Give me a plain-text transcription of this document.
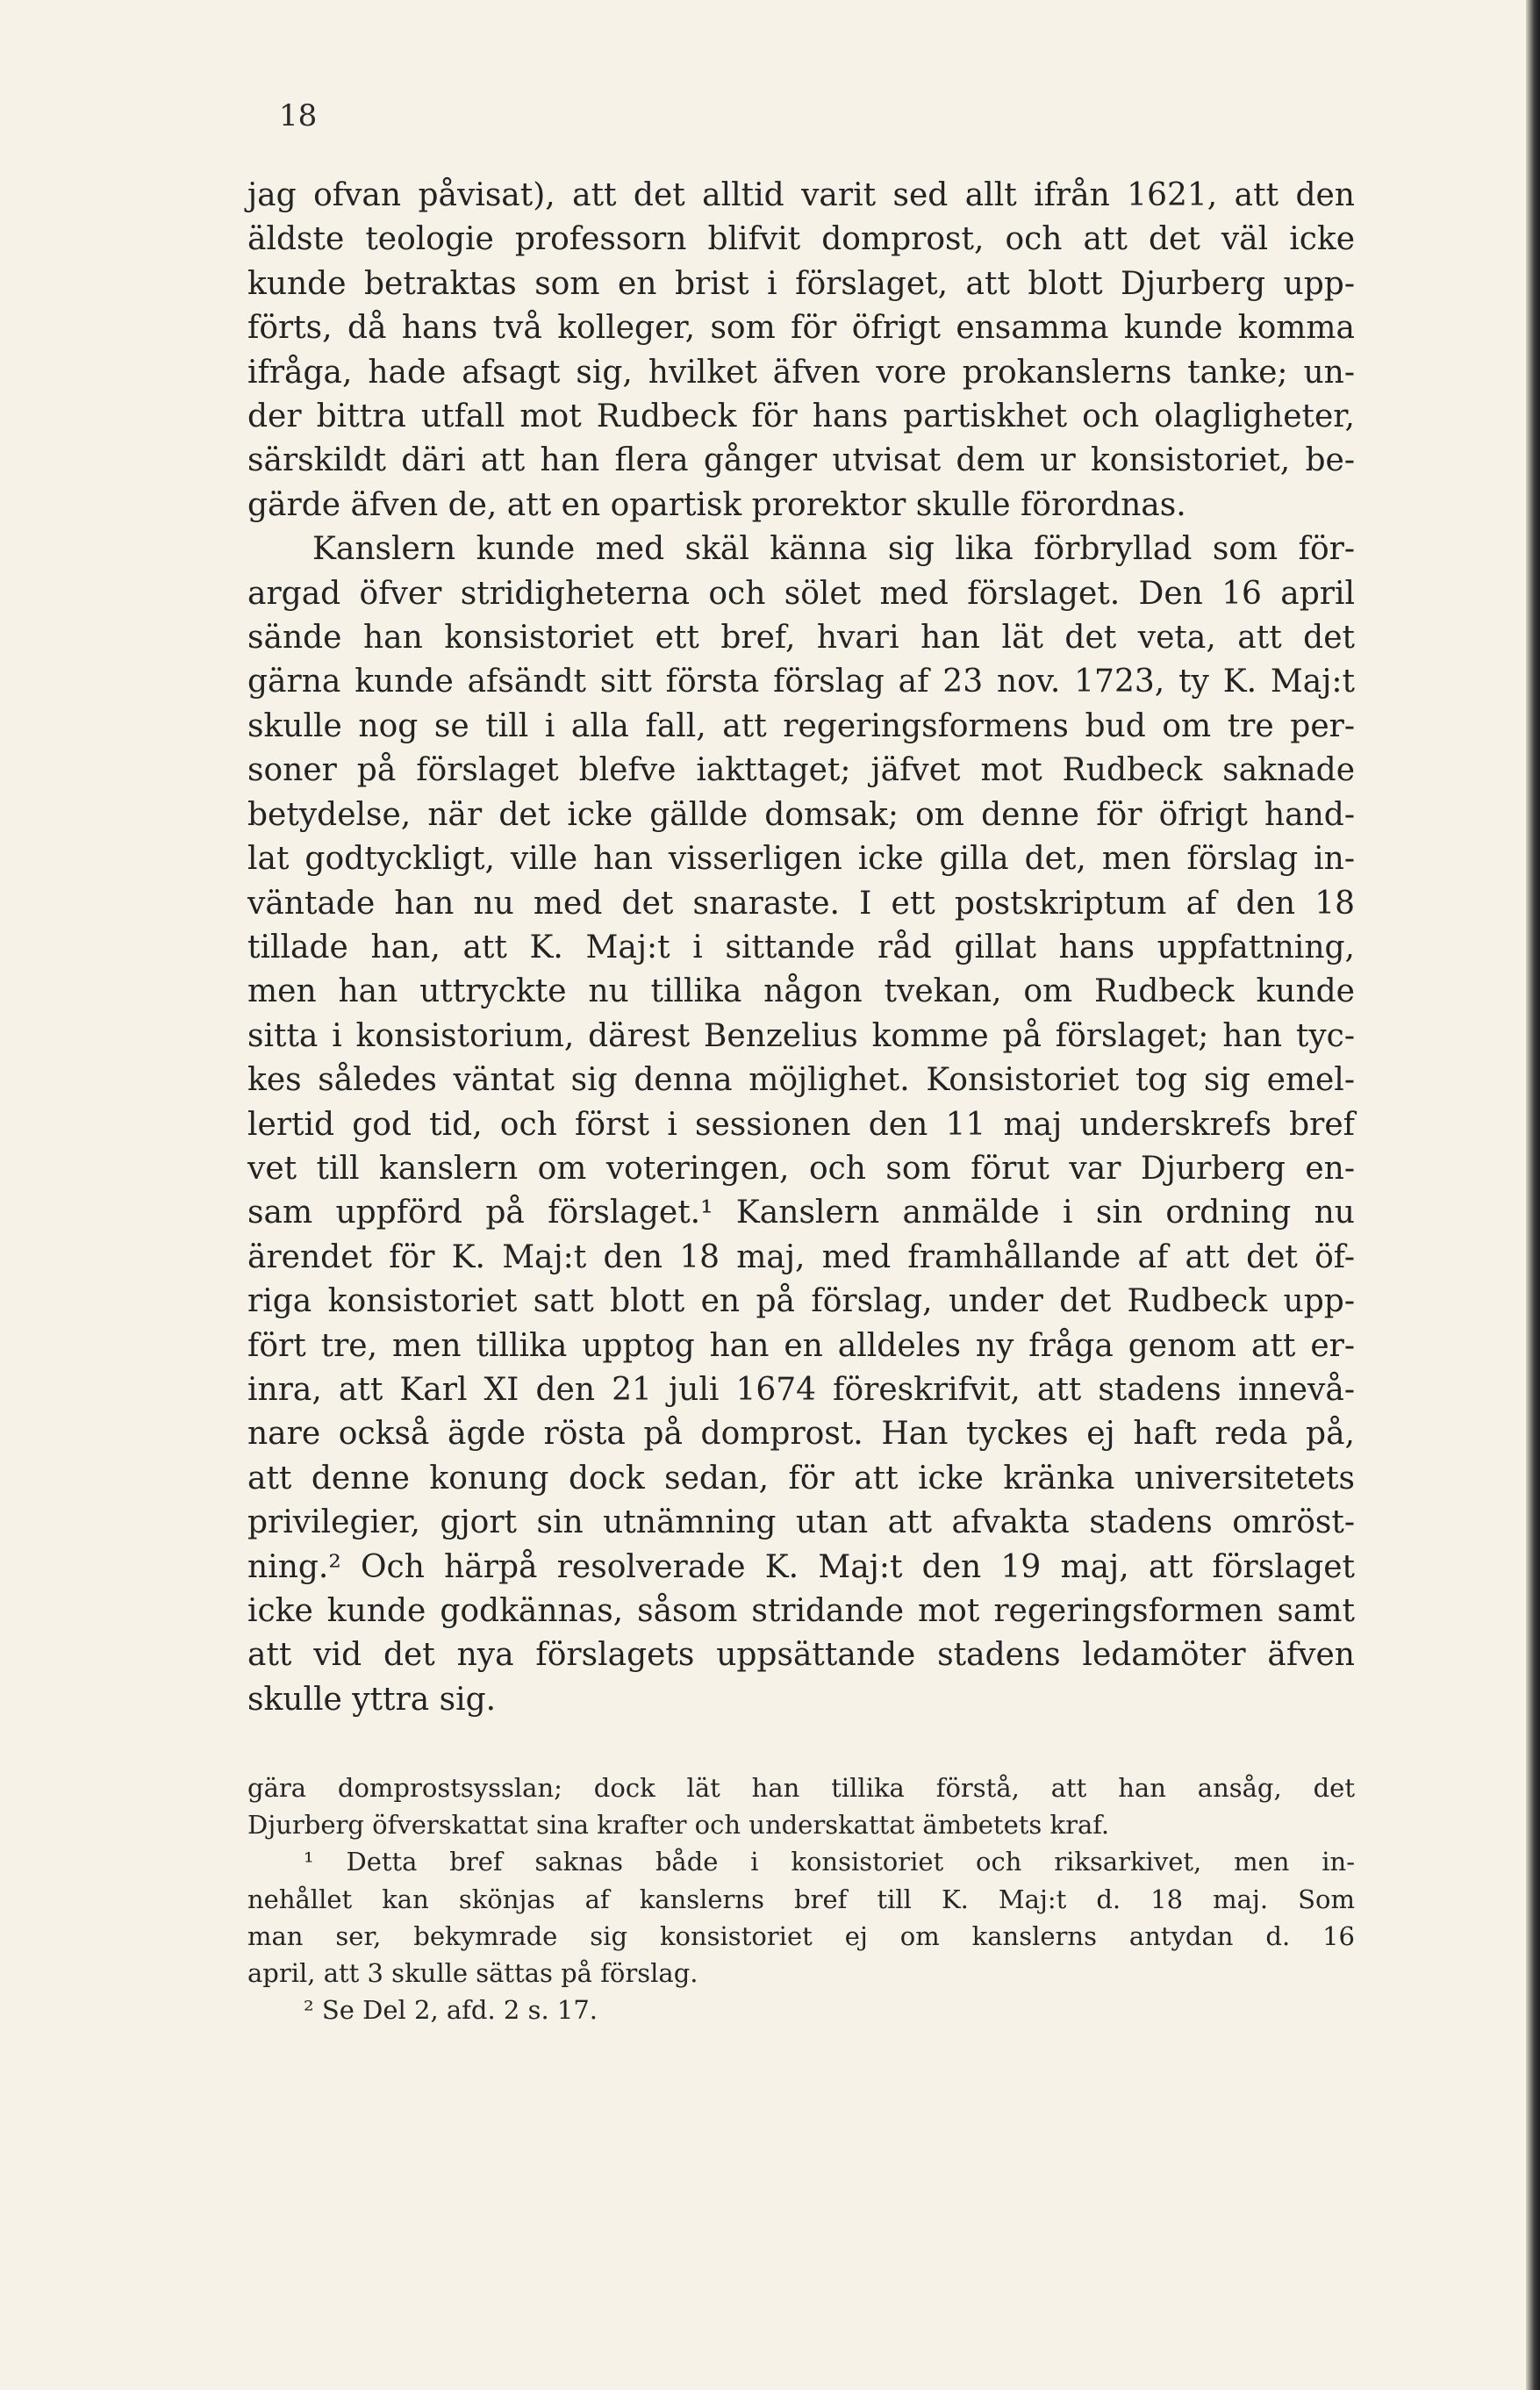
18
jag ofvan påvisat), att det alltid varit sed allt ifrån 1621, att den
äldste teologie professorn blifvit domprost, och att det väl icke
kunde betraktas som en brist i förslaget, att blott Djurberg upp-
förts, då hans två kolleger, som för öfrigt ensamma kunde komma
ifråga, hade afsagt sig, hvilket äfven vore prokanslerns tanke; un-
der bittra utfall mot Rudbeck för hans partiskhet och olagligheter,
särskildt däri att han flera gånger utvisat dem ur konsistoriet, be-
gärde äfven de, att en opartisk prorektor skulle förordnas.
Kanslern kunde med skäl känna sig lika förbryllad som för-
argad öfver stridigheterna och sölet med förslaget. Den 16 april
sände han konsistoriet ett bref, hvari han lät det veta, att det
gärna kunde afsändt sitt första förslag af 23 nov. 1723, ty K. Maj:t
skulle nog se till i alla fall, att regeringsformens bud om tre per-
soner på förslaget blefve iakttaget; jäfvet mot Rudbeck saknade
betydelse, när det icke gällde domsak; om denne för öfrigt hand-
lat godtyckligt, ville han visserligen icke gilla det, men förslag in-
väntade han nu med det snaraste. I ett postskriptum af den 18
tillade han, att K. Maj:t i sittande råd gillat hans uppfattning,
men han uttryckte nu tillika någon tvekan, om Rudbeck kunde
sitta i konsistorium, därest Benzelius komme på förslaget; han tyc-
kes således väntat sig denna möjlighet. Konsistoriet tog sig emel-
lertid god tid, och först i sessionen den 11 maj underskrefs bref
vet till kanslern om voteringen, och som förut var Djurberg en-
sam uppförd på förslaget.¹ Kanslern anmälde i sin ordning nu
ärendet för K. Maj:t den 18 maj, med framhållande af att det öf-
riga konsistoriet satt blott en på förslag, under det Rudbeck upp-
fört tre, men tillika upptog han en alldeles ny fråga genom att er-
inra, att Karl XI den 21 juli 1674 föreskrifvit, att stadens innevå-
nare också ägde rösta på domprost. Han tyckes ej haft reda på,
att denne konung dock sedan, för att icke kränka universitetets
privilegier, gjort sin utnämning utan att afvakta stadens omröst-
ning.² Och härpå resolverade K. Maj:t den 19 maj, att förslaget
icke kunde godkännas, såsom stridande mot regeringsformen samt
att vid det nya förslagets uppsättande stadens ledamöter äfven
skulle yttra sig.
gära domprostsysslan; dock lät han tillika förstå, att han ansåg, det
Djurberg öfverskattat sina krafter och underskattat ämbetets kraf.
¹ Detta bref saknas både i konsistoriet och riksarkivet, men in-
nehållet kan skönjas af kanslerns bref till K. Maj:t d. 18 maj. Som
man ser, bekymrade sig konsistoriet ej om kanslerns antydan d. 16
april, att 3 skulle sättas på förslag.
² Se Del 2, afd. 2 s. 17.
